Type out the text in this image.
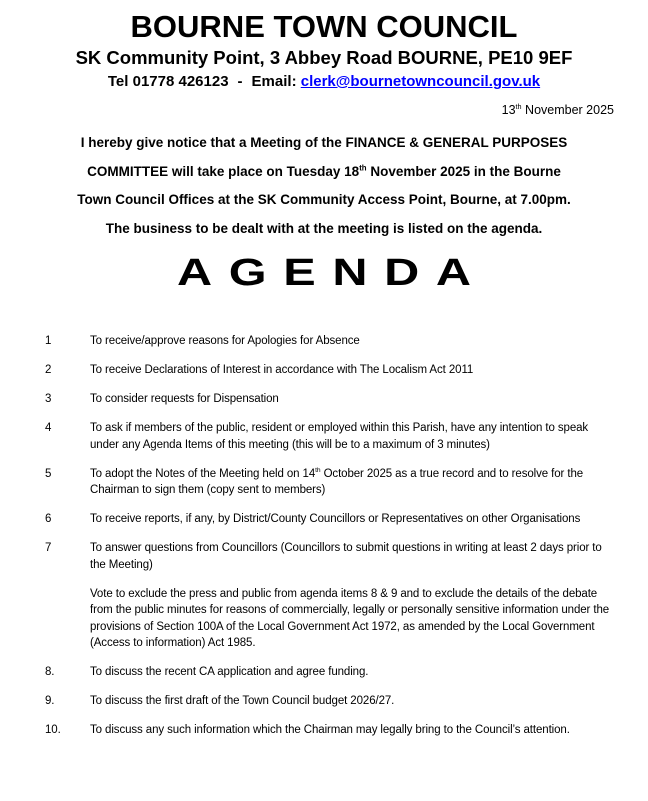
BOURNE TOWN COUNCIL
SK Community Point, 3 Abbey Road BOURNE, PE10 9EF
Tel 01778 426123 - Email: clerk@bournetowncouncil.gov.uk
13th November 2025
I hereby give notice that a Meeting of the FINANCE & GENERAL PURPOSES
COMMITTEE will take place on Tuesday 18th November 2025 in the Bourne
Town Council Offices at the SK Community Access Point, Bourne, at 7.00pm.
The business to be dealt with at the meeting is listed on the agenda.
AGENDA
1	To receive/approve reasons for Apologies for Absence
2	To receive Declarations of Interest in accordance with The Localism Act 2011
3	To consider requests for Dispensation
4	To ask if members of the public, resident or employed within this Parish, have any intention to speak under any Agenda Items of this meeting (this will be to a maximum of 3 minutes)
5	To adopt the Notes of the Meeting held on 14th October 2025 as a true record and to resolve for the Chairman to sign them (copy sent to members)
6	To receive reports, if any, by District/County Councillors or Representatives on other Organisations
7	To answer questions from Councillors (Councillors to submit questions in writing at least 2 days prior to the Meeting)
Vote to exclude the press and public from agenda items 8 & 9 and to exclude the details of the debate from the public minutes for reasons of commercially, legally or personally sensitive information under the provisions of Section 100A of the Local Government Act 1972, as amended by the Local Government (Access to information) Act 1985.
8.	To discuss the recent CA application and agree funding.
9.	To discuss the first draft of the Town Council budget 2026/27.
10.	To discuss any such information which the Chairman may legally bring to the Council’s attention.
